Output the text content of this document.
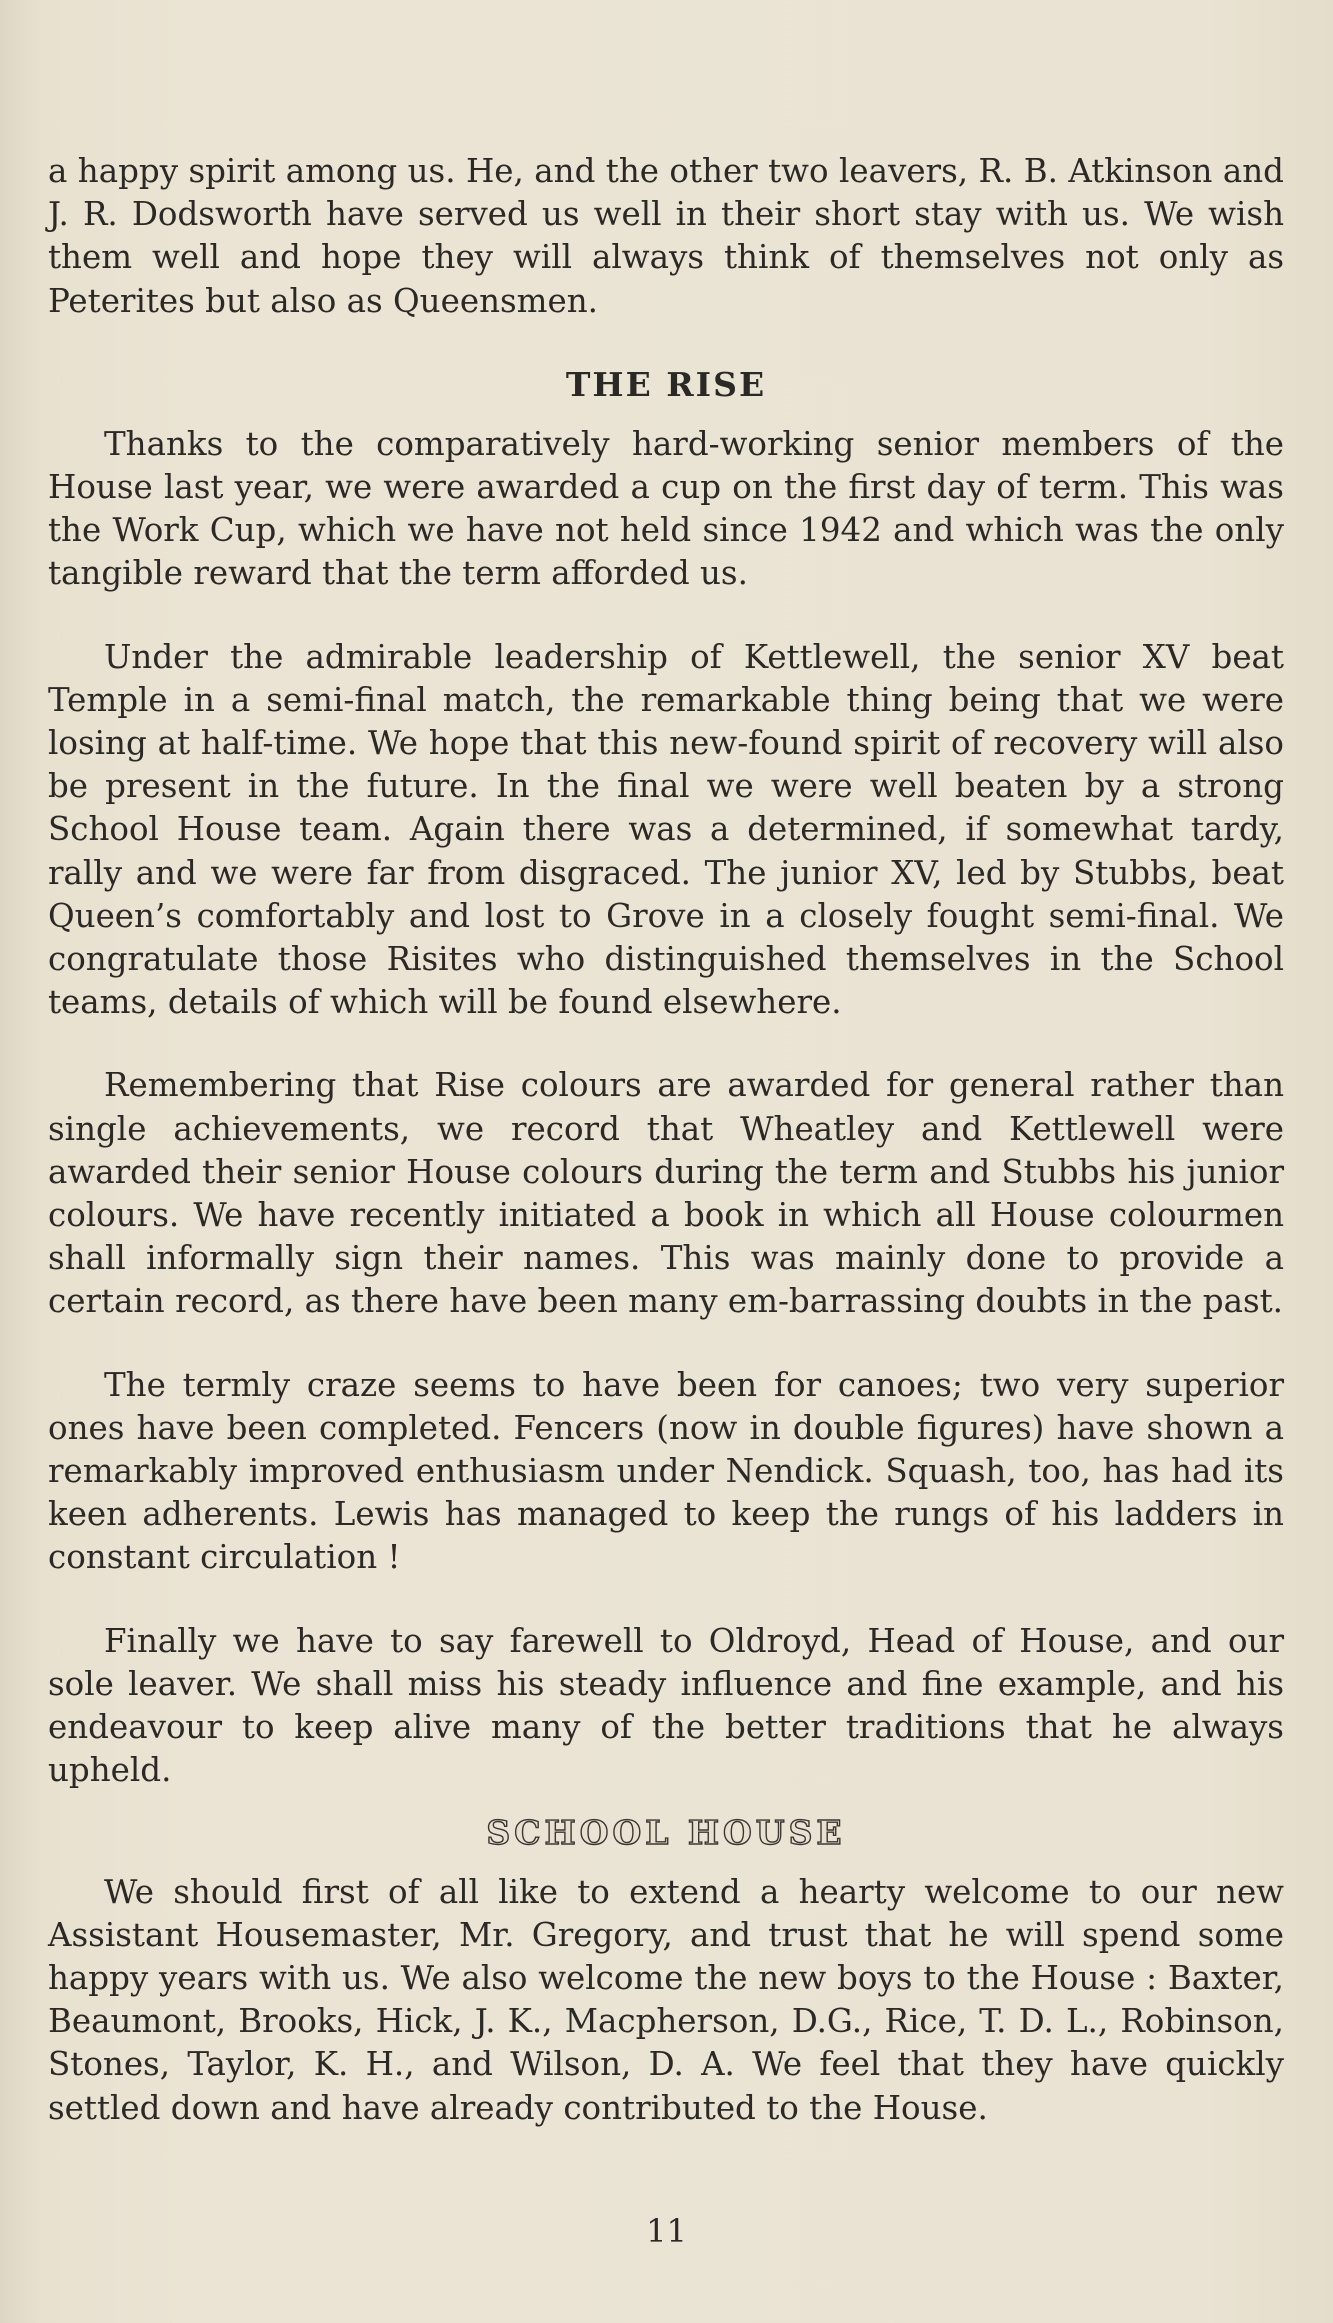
a happy spirit among us. He, and the other two leavers, R. B. Atkinson and J. R. Dodsworth have served us well in their short stay with us. We wish them well and hope they will always think of themselves not only as Peterites but also as Queensmen.

THE RISE

Thanks to the comparatively hard-working senior members of the House last year, we were awarded a cup on the first day of term. This was the Work Cup, which we have not held since 1942 and which was the only tangible reward that the term afforded us.

Under the admirable leadership of Kettlewell, the senior XV beat Temple in a semi-final match, the remarkable thing being that we were losing at half-time. We hope that this new-found spirit of recovery will also be present in the future. In the final we were well beaten by a strong School House team. Again there was a determined, if somewhat tardy, rally and we were far from disgraced. The junior XV, led by Stubbs, beat Queen’s comfortably and lost to Grove in a closely fought semi-final. We congratulate those Risites who distinguished themselves in the School teams, details of which will be found elsewhere.

Remembering that Rise colours are awarded for general rather than single achievements, we record that Wheatley and Kettlewell were awarded their senior House colours during the term and Stubbs his junior colours. We have recently initiated a book in which all House colourmen shall informally sign their names. This was mainly done to provide a certain record, as there have been many em-barrassing doubts in the past.

The termly craze seems to have been for canoes; two very superior ones have been completed. Fencers (now in double figures) have shown a remarkably improved enthusiasm under Nendick. Squash, too, has had its keen adherents. Lewis has managed to keep the rungs of his ladders in constant circulation !

Finally we have to say farewell to Oldroyd, Head of House, and our sole leaver. We shall miss his steady influence and fine example, and his endeavour to keep alive many of the better traditions that he always upheld.

SCHOOL HOUSE

We should first of all like to extend a hearty welcome to our new Assistant Housemaster, Mr. Gregory, and trust that he will spend some happy years with us. We also welcome the new boys to the House : Baxter, Beaumont, Brooks, Hick, J. K., Macpherson, D.G., Rice, T. D. L., Robinson, Stones, Taylor, K. H., and Wilson, D. A. We feel that they have quickly settled down and have already contributed to the House.

11
